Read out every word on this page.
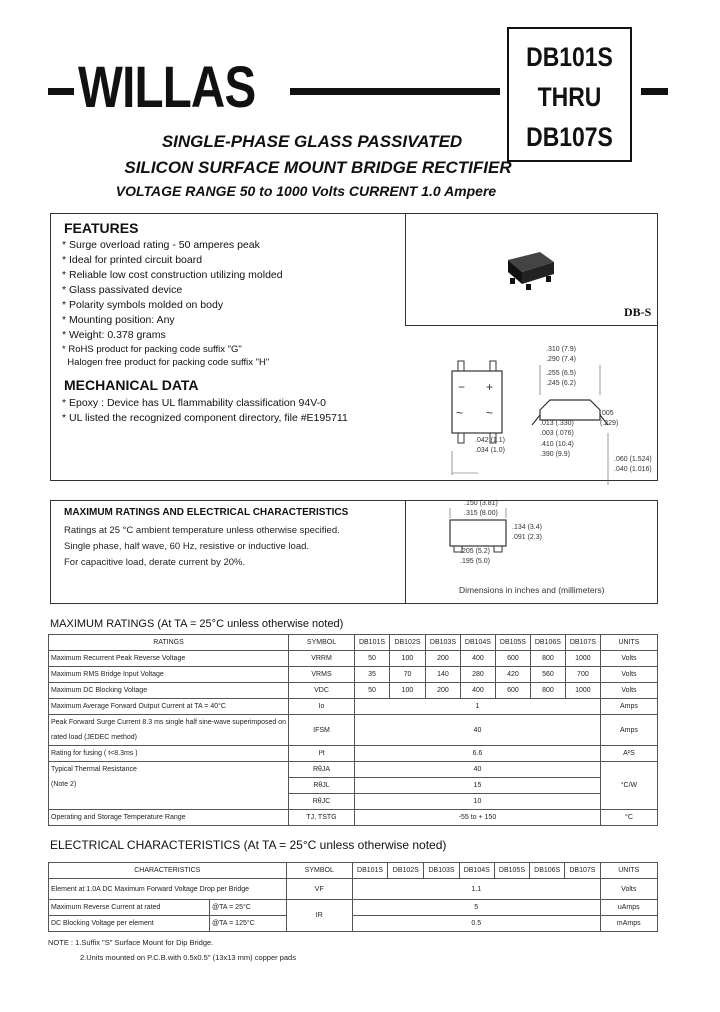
WILLAS	DB101S
THRU
DB107S
SINGLE-PHASE GLASS PASSIVATED
SILICON SURFACE MOUNT BRIDGE RECTIFIER
VOLTAGE RANGE 50 to 1000 Volts CURRENT 1.0 Ampere
FEATURES
* Surge overload rating - 50 amperes peak
* Ideal for printed circuit board
* Reliable low cost construction utilizing molded
* Glass passivated device
* Polarity symbols molded on body
* Mounting position: Any
* Weight: 0.378 grams
* RoHS product for packing code suffix "G"
Halogen free product for packing code suffix "H"
MECHANICAL DATA
* Epoxy : Device has UL flammability classification 94V-0
* UL listed the recognized component directory, file #E195711
DB-S
− +
~ ~
.310 (7.9)
.290 (7.4)
.255 (6.5)
.245 (6.2)
.005
(.229)
.013 (.330)
.003 (.076)
.410 (10.4)
.390 (9.9)
.042 (1.1)
.034 (1.0)
.060 (1.524)
.040 (1.016)
MAXIMUM RATINGS AND ELECTRICAL CHARACTERISTICS
Ratings at 25 °C ambient temperature unless otherwise specified.
Single phase, half wave, 60 Hz, resistive or inductive load.
For capacitive load, derate current by 20%.
.150 (3.81)
.315 (8.00)
.134 (3.4)
.091 (2.3)
.205 (5.2)
.195 (5.0)
Dimensions in inches and (millimeters)
MAXIMUM RATINGS (At TA = 25°C unless otherwise noted)
RATINGS	SYMBOL	DB101S	DB102S	DB103S	DB104S	DB105S	DB106S	DB107S	UNITS
Maximum Recurrent Peak Reverse Voltage	VRRM	50	100	200	400	600	800	1000	Volts
Maximum RMS Bridge Input Voltage	VRMS	35	70	140	280	420	560	700	Volts
Maximum DC Blocking Voltage	VDC	50	100	200	400	600	800	1000	Volts
Maximum Average Forward Output Current at TA = 40°C	Io	1							Amps

Peak Forward Surge Current 8.3 ms single half sine-wave superimposed on
rated load (JEDEC method)	IFSM	40							Amps
Rating for fusing ( t<8.3ms )	I²t	6.6							A²S

Typical Thermal Resistance
(Note 2)	RθJA	40							°C/W
	RθJL	15							
	RθJC	10							
Operating and Storage Temperature Range	TJ, TSTG	-55 to + 150							°C
ELECTRICAL CHARACTERISTICS (At TA = 25°C unless otherwise noted)
CHARACTERISTICS		SYMBOL	DB101S	DB102S	DB103S	DB104S	DB105S	DB106S	DB107S	UNITS
Element at 1.0A DC Maximum Forward Voltage Drop per Bridge		VF	1.1							Volts
Maximum Reverse Current at rated	@TA = 25°C	IR	5							uAmps
DC Blocking Voltage per element	@TA = 125°C		0.5							mAmps
NOTE : 1.Suffix "S" Surface Mount for Dip Bridge.
2.Units mounted on P.C.B.with 0.5x0.5" (13x13 mm) copper pads
